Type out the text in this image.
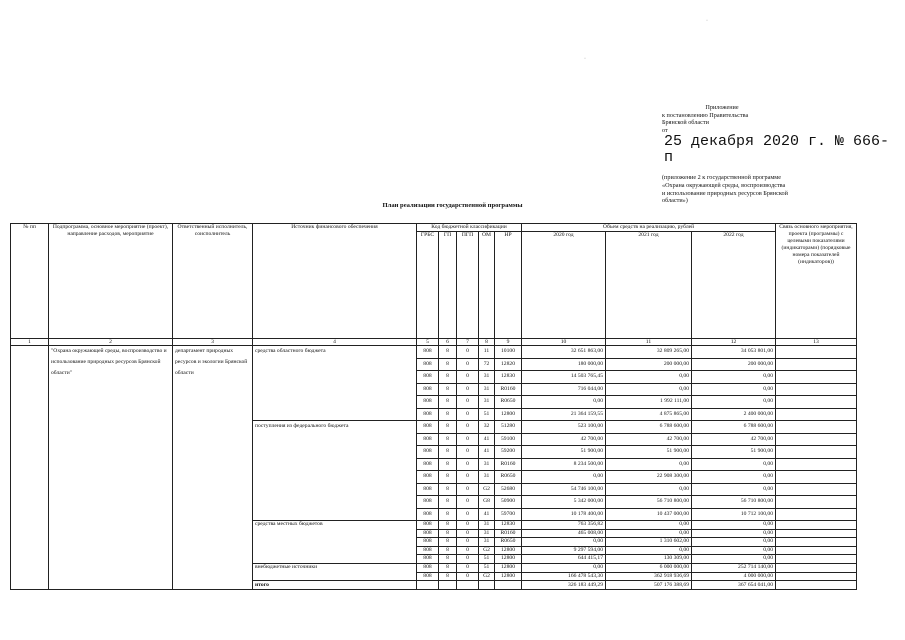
Приложение
к постановлению Правительства
Брянской области
от 25 декабря 2020 г. № 666-п
(приложение 2 к государственной программе
«Охрана окружающей среды, воспроизводства
и использование природных ресурсов Брянской
области»)
·
·
План реализации государственной программы
№ пп	Подпрограмма, основное мероприятие (проект), направление расходов, мероприятие	Ответственный исполнитель, соисполнитель	Источник финансового обеспечения	Код бюджетной классификации					Объем средств на реализацию, рублей			Связь основного мероприятия, проекта (программы) с целевыми показателями (индикаторами) (порядковые номера показателей (индикаторов))
				ГРБС	ГП	ПГП	ОМ	НР	2020 год	2021 год	2022 год	
1	2	3	4	5	6	7	8	9	10	11	12	13
	"Охрана окружающей среды, воспроизводство и использование природных ресурсов Брянской области"	департамент природных ресурсов и экологии Брянской области	средства областного бюджета	808	8	0	11	10100	32 651 863,00	32 809 265,00	34 053 801,00	
				808	8	0	72	12820	180 000,00	200 000,00	200 000,00	
				808	8	0	31	12830	14 503 765,45	0,00	0,00	
				808	8	0	31	R0160	716 044,00	0,00	0,00	
				808	8	0	31	R0650	0,00	1 992 111,00	0,00	
				808	8	0	51	12800	21 364 159,55	4 875 865,00	2 400 000,00	
			поступления из федерального бюджета	808	8	0	32	51280	523 100,00	6 788 600,00	6 788 600,00	
				808	8	0	41	59100	42 700,00	42 700,00	42 700,00	
				808	8	0	41	59200	51 900,00	51 900,00	51 900,00	
				808	8	0	31	R0160	8 234 500,00	0,00	0,00	
				808	8	0	31	R0650	0,00	22 908 300,00	0,00	
				808	8	0	G2	52680	54 746 100,00	0,00	0,00	
				808	8	0	G8	50900	5 342 000,00	56 710 800,00	56 710 800,00	
				808	8	0	41	59700	10 178 400,00	10 437 000,00	10 712 100,00	
			средства местных бюджетов	808	8	0	31	12830	763 356,82	0,00	0,00	
				808	8	0	31	R0160	465 008,00	0,00	0,00	
				808	8	0	31	R0650	0,00	1 310 602,00	0,00	
				808	8	0	G2	12800	9 297 594,00	0,00	0,00	
				808	8	0	51	12800	644 415,17	130 309,00	0,00	
			внебюджетные источники	808	8	0	51	12800	0,00	6 000 000,00	252 714 140,00	
				808	8	0	G2	12800	166 478 543,30	362 918 936,69	4 000 000,00	
			итого						326 183 449,29	507 176 388,69	367 654 041,00	
